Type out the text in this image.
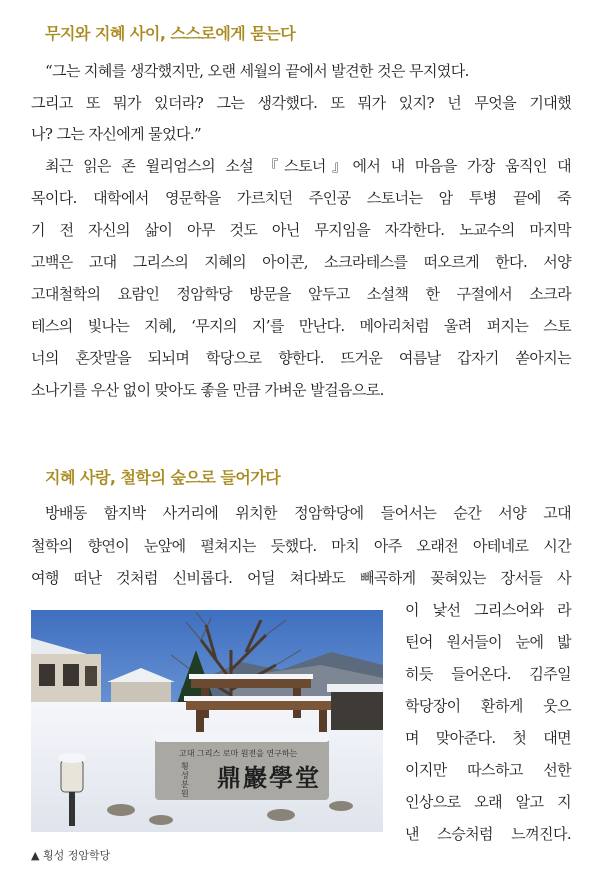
무지와 지혜 사이, 스스로에게 묻는다
“그는 지혜를 생각했지만, 오랜 세월의 끝에서 발견한 것은 무지였다.
그리고 또 뭐가 있더라? 그는 생각했다. 또 뭐가 있지? 넌 무엇을 기대했
나? 그는 자신에게 물었다.”
최근 읽은 존 윌리엄스의 소설 『스토너』에서 내 마음을 가장 움직인 대
목이다. 대학에서 영문학을 가르치던 주인공 스토너는 암 투병 끝에 죽
기 전 자신의 삶이 아무 것도 아닌 무지임을 자각한다. 노교수의 마지막
고백은 고대 그리스의 지혜의 아이콘, 소크라테스를 떠오르게 한다. 서양
고대철학의 요람인 정암학당 방문을 앞두고 소설책 한 구절에서 소크라
테스의 빛나는 지혜, ‘무지의 지’를 만난다. 메아리처럼 울려 퍼지는 스토
너의 혼잣말을 되뇌며 학당으로 향한다. 뜨거운 여름날 갑자기 쏟아지는
소나기를 우산 없이 맞아도 좋을 만큼 가벼운 발걸음으로.
지혜 사랑, 철학의 숲으로 들어가다
방배동 함지박 사거리에 위치한 정암학당에 들어서는 순간 서양 고대
철학의 향연이 눈앞에 펼쳐지는 듯했다. 마치 아주 오래전 아테네로 시간
여행 떠난 것처럼 신비롭다. 어딜 쳐다봐도 빼곡하게 꽂혀있는 장서들 사
이 낯선 그리스어와 라
틴어 원서들이 눈에 밟
히듯 들어온다. 김주일
학당장이 환하게 웃으
며 맞아준다. 첫 대면
이지만 따스하고 선한
인상으로 오래 알고 지
낸 스승처럼 느껴진다.
고대 그리스 로마 원전을 연구하는
鼎巖學堂
횡성 분원
▲ 횡성 정암학당
